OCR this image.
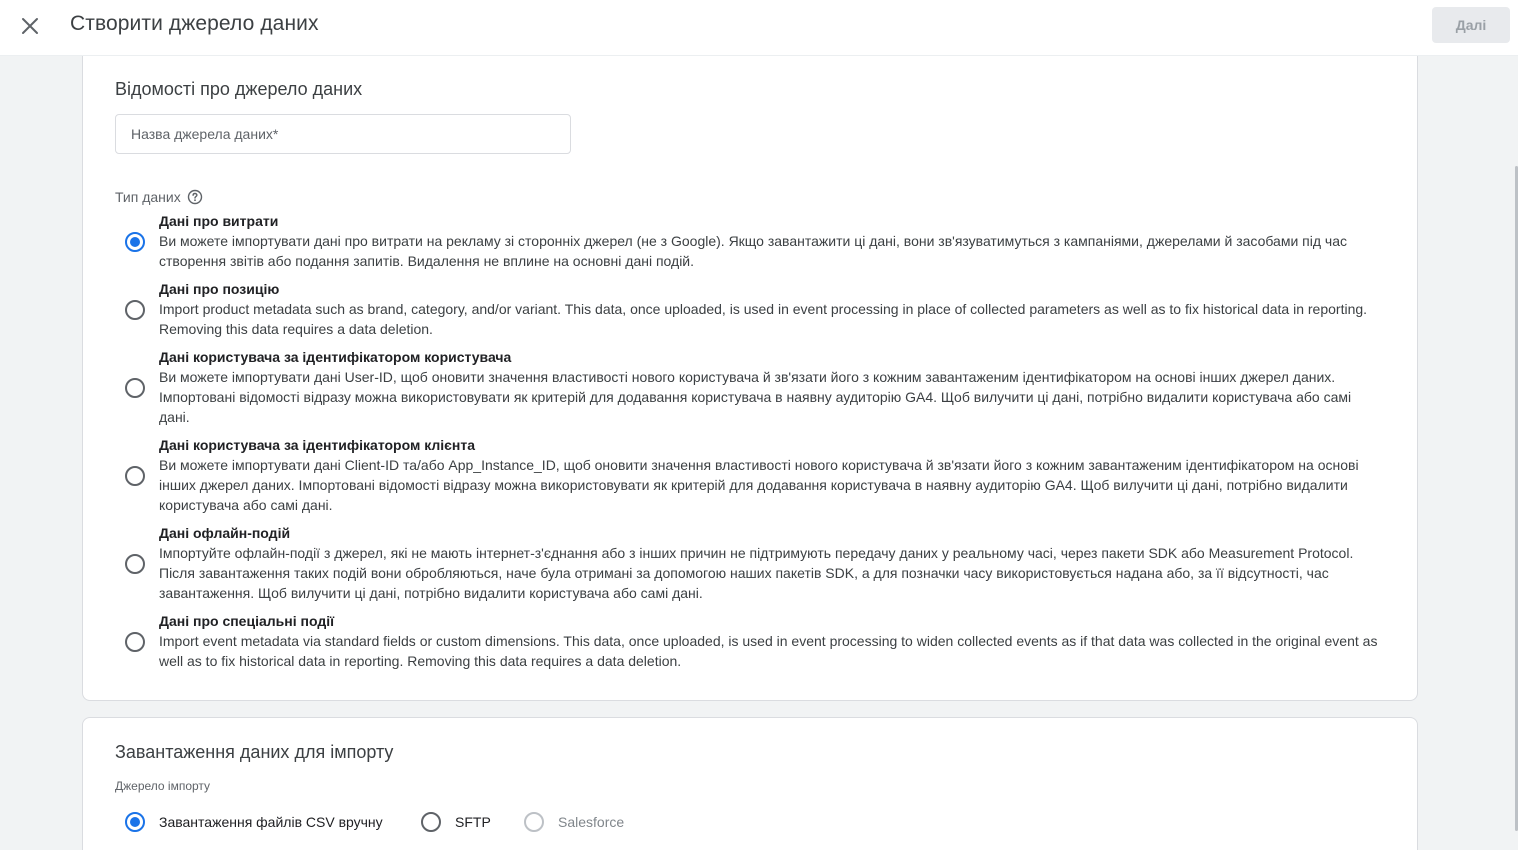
Створити джерело даних	Далі
Відомості про джерело даних
Назва джерела даних*
Тип даних
Дані про витрати
Ви можете імпортувати дані про витрати на рекламу зі сторонніх джерел (не з Google). Якщо завантажити ці дані, вони зв'язуватимуться з кампаніями, джерелами й засобами під час створення звітів або подання запитів. Видалення не вплине на основні дані подій.
Дані про позицію
Import product metadata such as brand, category, and/or variant. This data, once uploaded, is used in event processing in place of collected parameters as well as to fix historical data in reporting. Removing this data requires a data deletion.
Дані користувача за ідентифікатором користувача
Ви можете імпортувати дані User-ID, щоб оновити значення властивості нового користувача й зв'язати його з кожним завантаженим ідентифікатором на основі інших джерел даних. Імпортовані відомості відразу можна використовувати як критерій для додавання користувача в наявну аудиторію GA4. Щоб вилучити ці дані, потрібно видалити користувача або самі дані.
Дані користувача за ідентифікатором клієнта
Ви можете імпортувати дані Client-ID та/або App_Instance_ID, щоб оновити значення властивості нового користувача й зв'язати його з кожним завантаженим ідентифікатором на основі інших джерел даних. Імпортовані відомості відразу можна використовувати як критерій для додавання користувача в наявну аудиторію GA4. Щоб вилучити ці дані, потрібно видалити користувача або самі дані.
Дані офлайн-подій
Імпортуйте офлайн-події з джерел, які не мають інтернет-з'єднання або з інших причин не підтримують передачу даних у реальному часі, через пакети SDK або Measurement Protocol. Після завантаження таких подій вони обробляються, наче була отримані за допомогою наших пакетів SDK, а для позначки часу використовується надана або, за її відсутності, час завантаження. Щоб вилучити ці дані, потрібно видалити користувача або самі дані.
Дані про спеціальні події
Import event metadata via standard fields or custom dimensions. This data, once uploaded, is used in event processing to widen collected events as if that data was collected in the original event as well as to fix historical data in reporting. Removing this data requires a data deletion.
Завантаження даних для імпорту
Джерело імпорту
Завантаження файлів CSV вручну	SFTP	Salesforce
